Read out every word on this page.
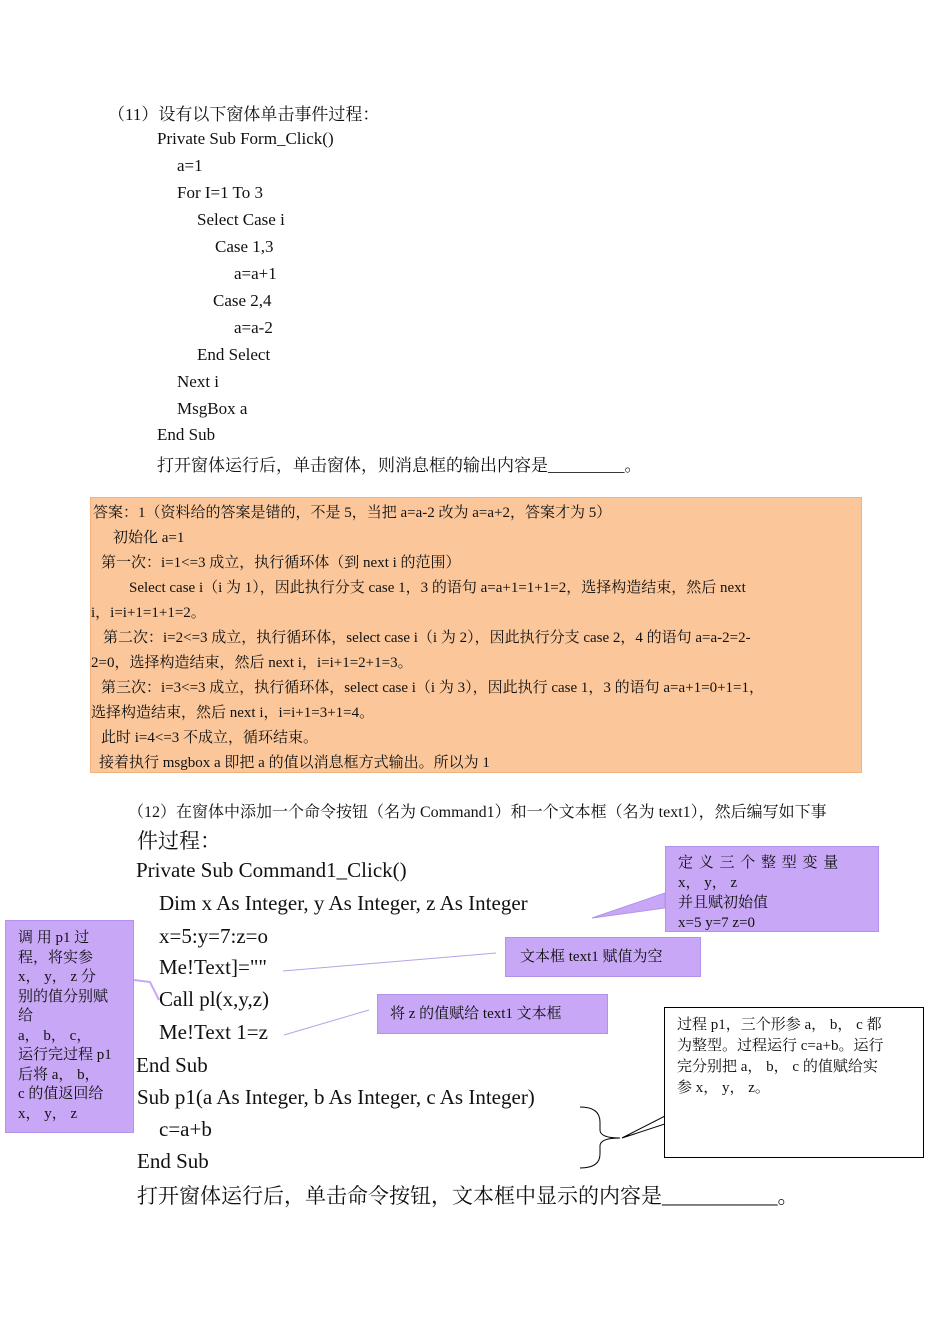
（11）设有以下窗体单击事件过程：
Private Sub Form_Click()
a=1
For I=1 To 3
Select Case i
Case 1,3
a=a+1
Case 2,4
a=a-2
End Select
Next i
MsgBox a
End Sub
打开窗体运行后，单击窗体，则消息框的输出内容是_________。
答案：1（资料给的答案是错的，不是 5，当把 a=a-2 改为 a=a+2，答案才为 5）
初始化 a=1
第一次：i=1<=3 成立，执行循环体（到 next i 的范围）
Select case i（i 为 1），因此执行分支 case 1，3 的语句 a=a+1=1+1=2，选择构造结束，然后 next
i，i=i+1=1+1=2。
第二次：i=2<=3 成立，执行循环体，select case i（i 为 2），因此执行分支 case 2，4 的语句 a=a-2=2-
2=0，选择构造结束，然后 next i，i=i+1=2+1=3。
第三次：i=3<=3 成立，执行循环体，select case i（i 为 3），因此执行 case 1，3 的语句 a=a+1=0+1=1，
选择构造结束，然后 next i，i=i+1=3+1=4。
此时 i=4<=3 不成立，循环结束。
接着执行 msgbox a 即把 a 的值以消息框方式输出。所以为 1
（12）在窗体中添加一个命令按钮（名为 Command1）和一个文本框（名为 text1），然后编写如下事
件过程：
Private Sub Command1_Click()
Dim x As Integer, y As Integer, z As Integer
x=5:y=7:z=o
Me!Text]=""
Call pl(x,y,z)
Me!Text 1=z
End Sub
Sub p1(a As Integer, b As Integer, c As Integer)
c=a+b
End Sub
打开窗体运行后，单击命令按钮，文本框中显示的内容是___________。
定 义 三 个 整 型 变 量
x， y， z
并且赋初始值
x=5 y=7 z=0
文本框 text1 赋值为空
调 用 p1 过
程，将实参
x， y， z 分
别的值分别赋
给
a， b， c，
运行完过程 p1
后将 a， b，
c 的值返回给
x， y， z
将 z 的值赋给 text1 文本框
过程 p1，三个形参 a， b， c 都
为整型。过程运行 c=a+b。运行
完分别把 a， b， c 的值赋给实
参 x， y， z。
